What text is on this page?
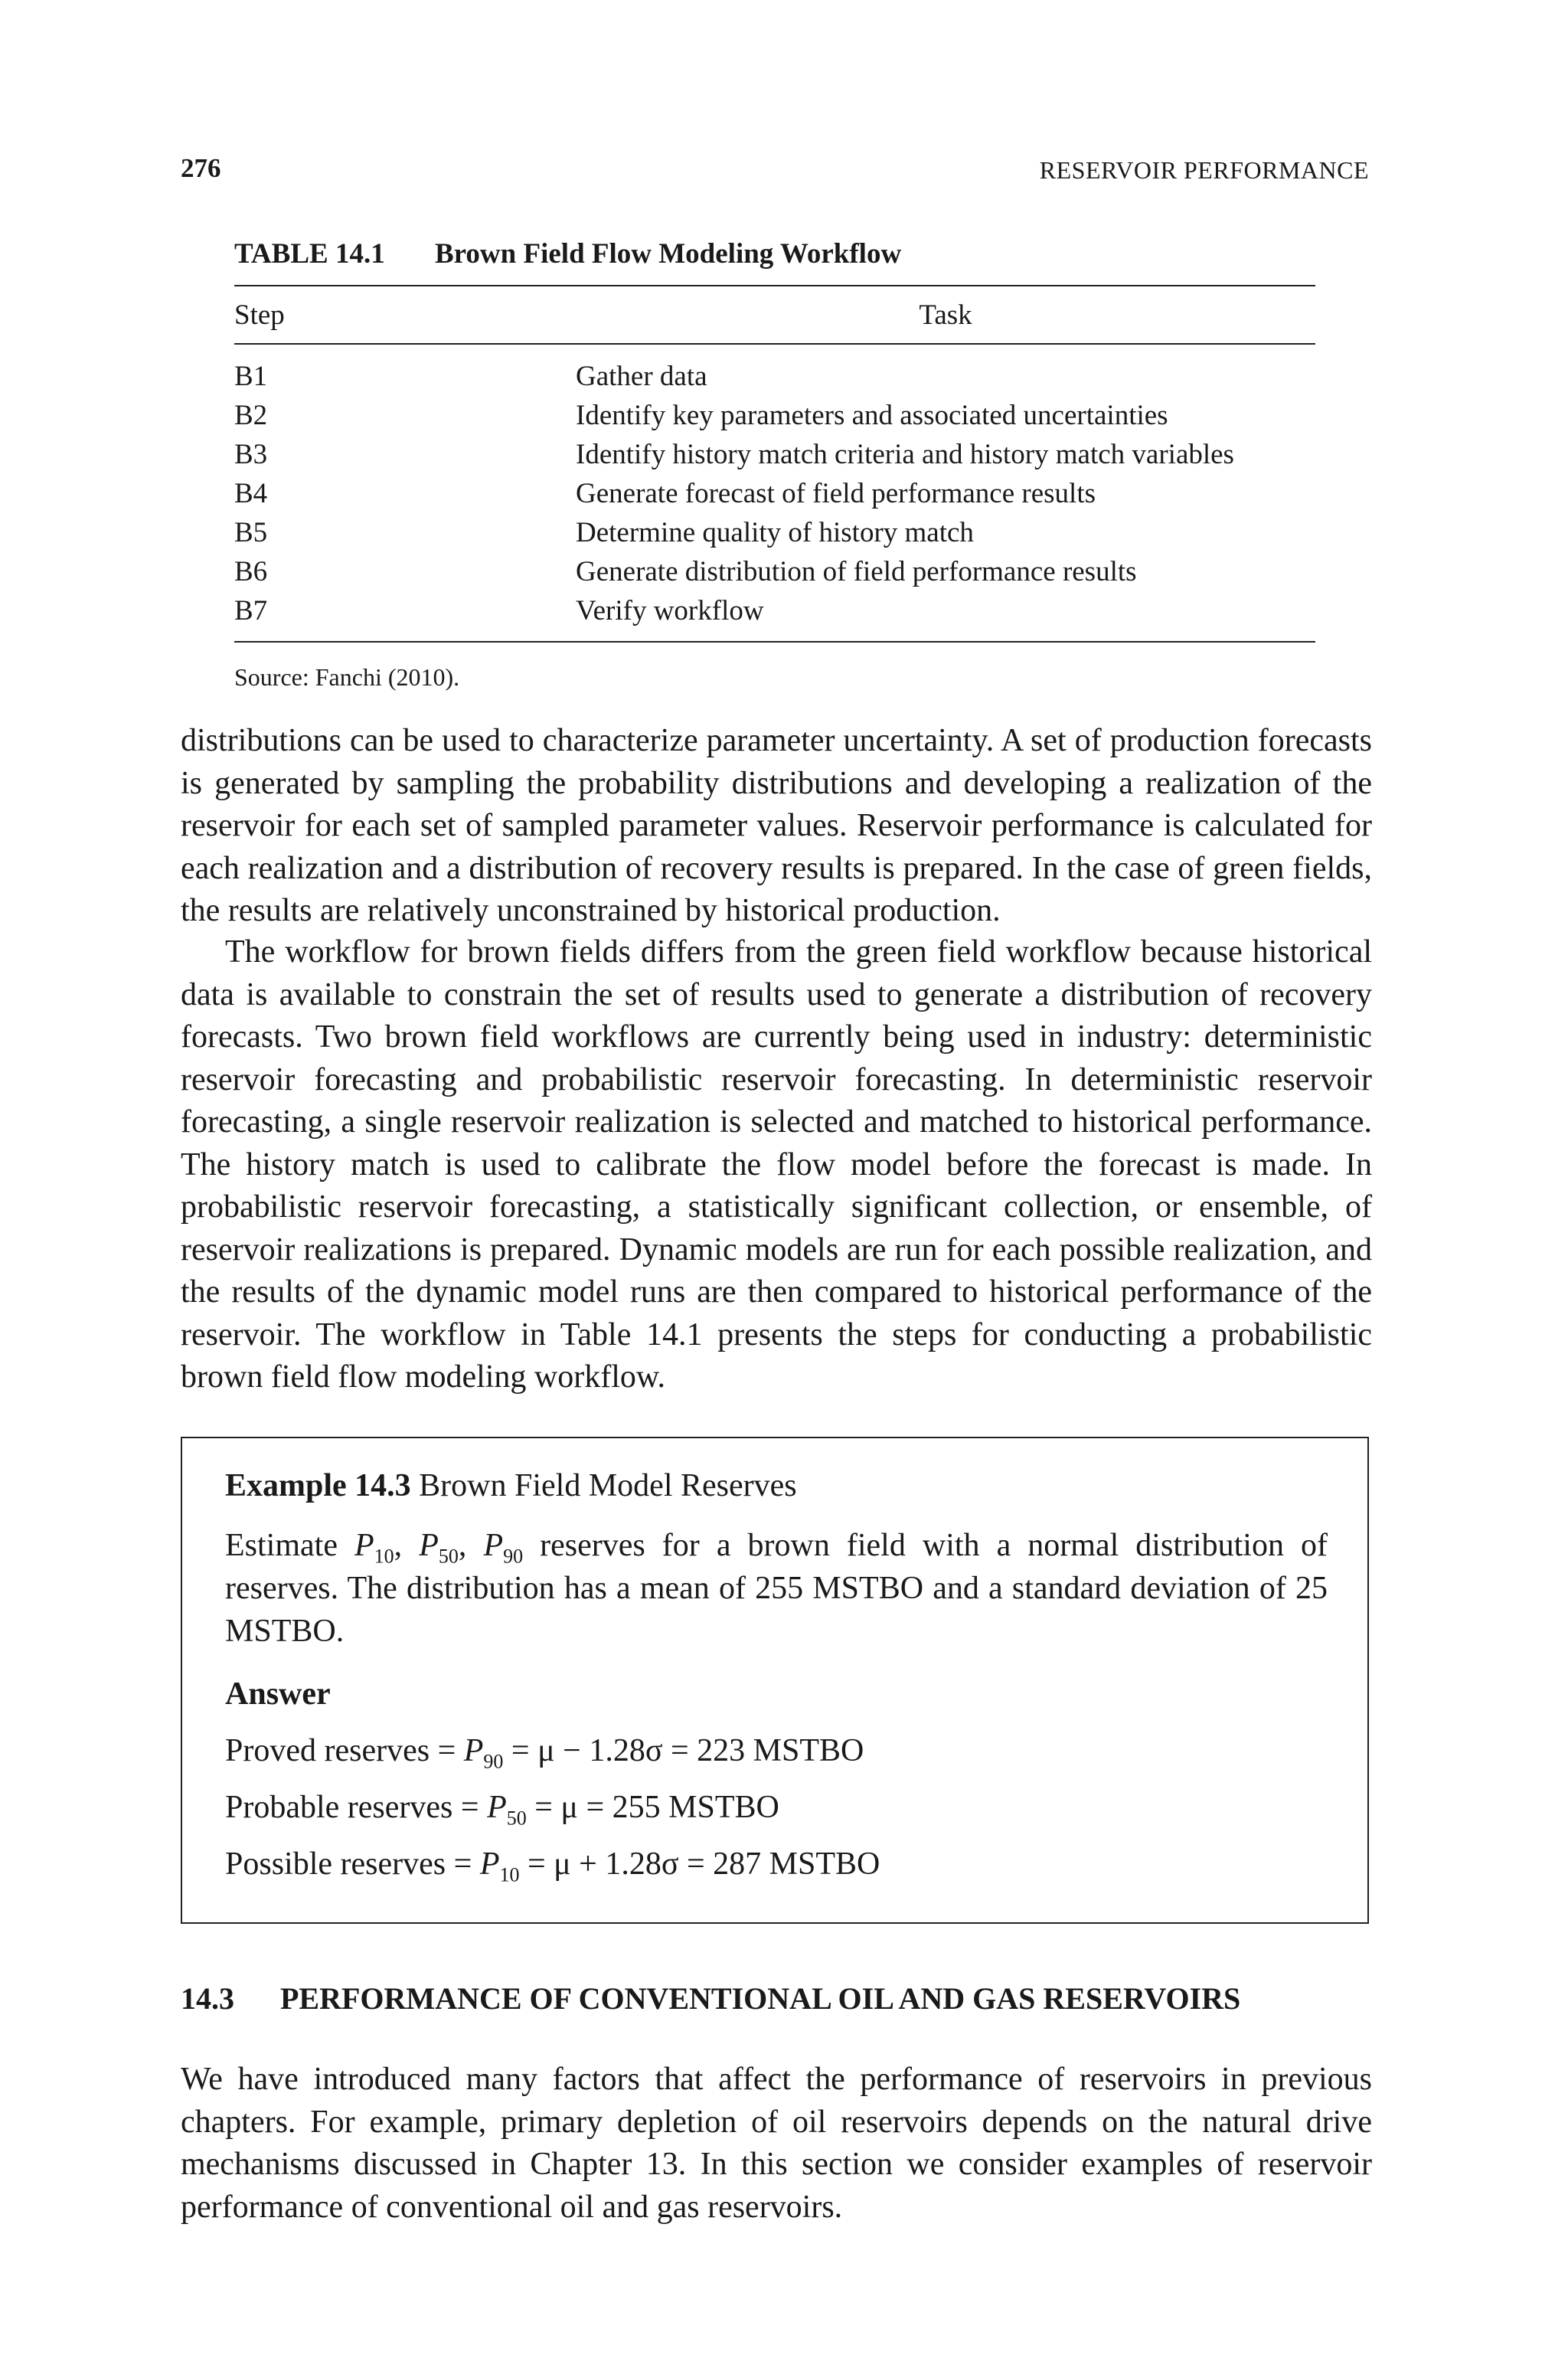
276	RESERVOIR PERFORMANCE
TABLE 14.1 Brown Field Flow Modeling Workflow
Step	Task
B1	Gather data
B2	Identify key parameters and associated uncertainties
B3	Identify history match criteria and history match variables
B4	Generate forecast of field performance results
B5	Determine quality of history match
B6	Generate distribution of field performance results
B7	Verify workflow
Source: Fanchi (2010).

distributions can be used to characterize parameter uncertainty. A set of production forecasts is generated by sampling the probability distributions and developing a realization of the reservoir for each set of sampled parameter values. Reservoir performance is calculated for each realization and a distribution of recovery results is prepared. In the case of green fields, the results are relatively unconstrained by historical production.

The workflow for brown fields differs from the green field workflow because historical data is available to constrain the set of results used to generate a distribution of recovery forecasts. Two brown field workflows are currently being used in industry: deterministic reservoir forecasting and probabilistic reservoir forecasting. In deterministic reservoir forecasting, a single reservoir realization is selected and matched to historical performance. The history match is used to calibrate the flow model before the forecast is made. In probabilistic reservoir forecasting, a statistically significant collection, or ensemble, of reservoir realizations is prepared. Dynamic models are run for each possible realization, and the results of the dynamic model runs are then compared to historical performance of the reservoir. The workflow in Table 14.1 presents the steps for conducting a probabilistic brown field flow modeling workflow.

Example 14.3 Brown Field Model Reserves
Estimate $P_{10}$, $P_{50}$, $P_{90}$ reserves for a brown field with a normal distribution of reserves. The distribution has a mean of 255 MSTBO and a standard deviation of 25 MSTBO.
Answer
Proved reserves = $P_{90} = \mu - 1.28\sigma = 223$ MSTBO
Probable reserves = $P_{50} = \mu = 255$ MSTBO
Possible reserves = $P_{10} = \mu + 1.28\sigma = 287$ MSTBO
14.3 PERFORMANCE OF CONVENTIONAL OIL AND GAS RESERVOIRS

We have introduced many factors that affect the performance of reservoirs in previous chapters. For example, primary depletion of oil reservoirs depends on the natural drive mechanisms discussed in Chapter 13. In this section we consider examples of reservoir performance of conventional oil and gas reservoirs.
